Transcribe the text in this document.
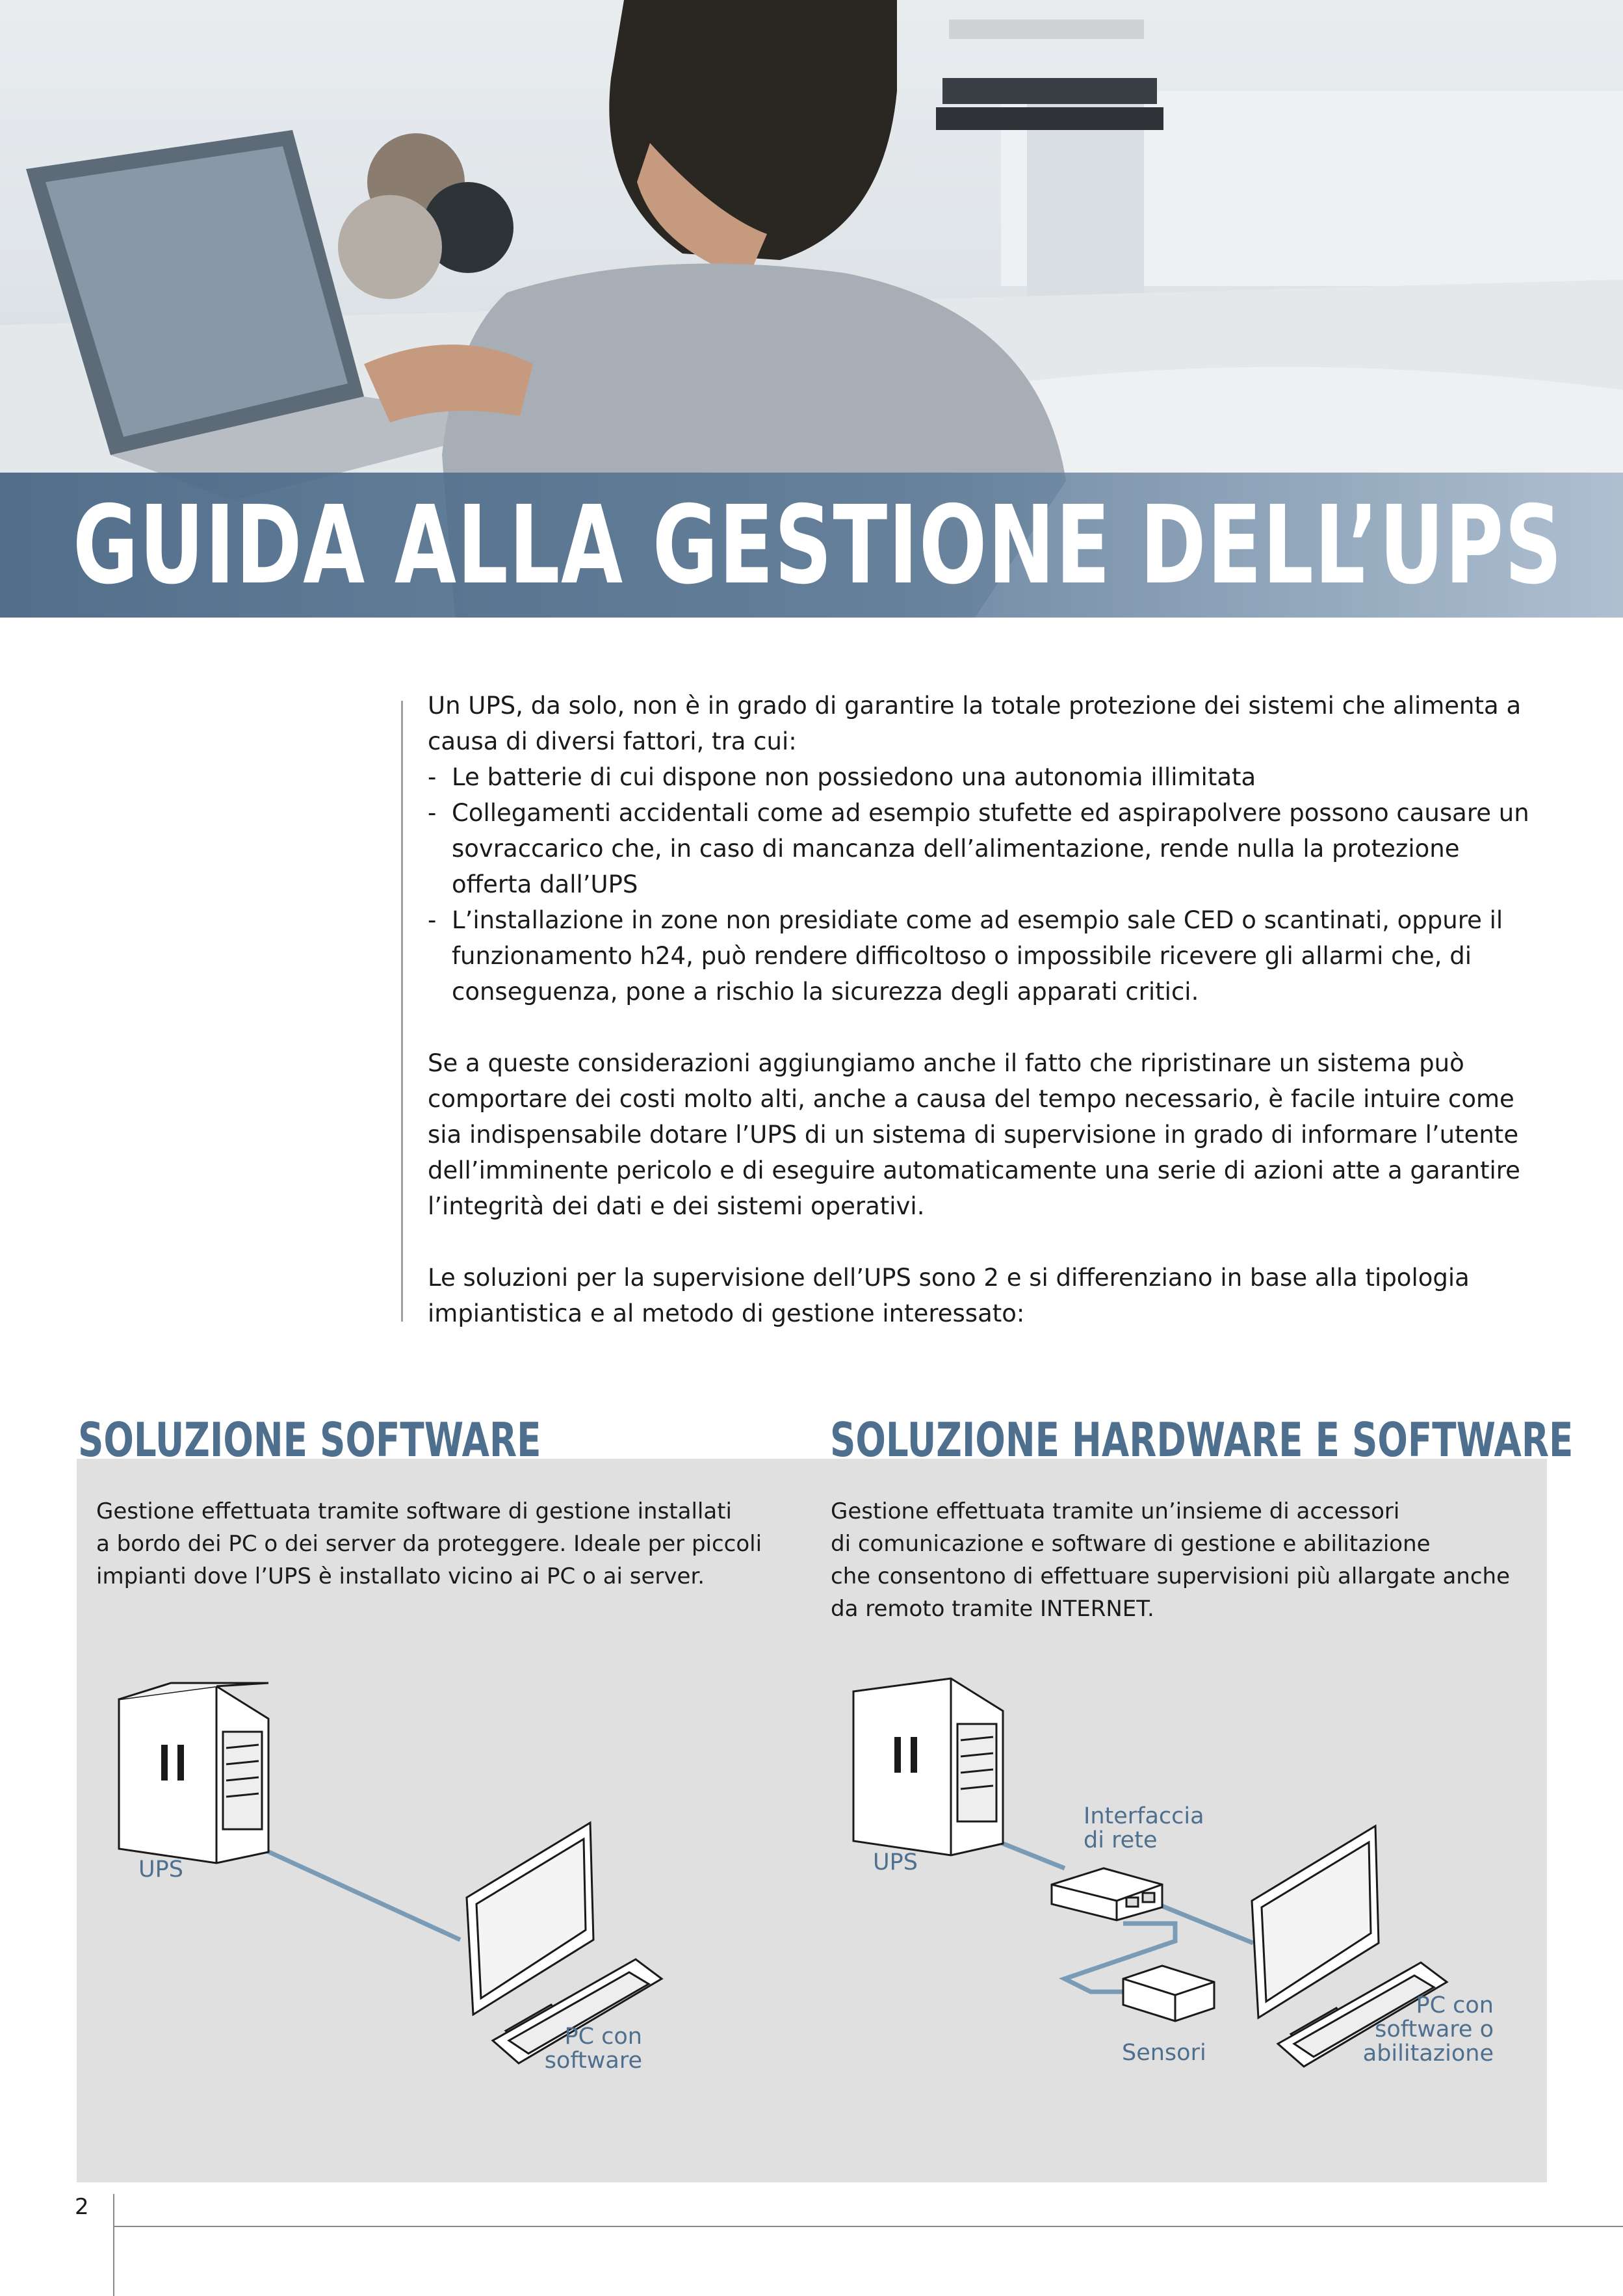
GUIDA ALLA GESTIONE DELL’UPS
Un UPS, da solo, non è in grado di garantire la totale protezione dei sistemi che alimenta a causa di diversi fattori, tra cui:
- Le batterie di cui dispone non possiedono una autonomia illimitata
- Collegamenti accidentali come ad esempio stufette ed aspirapolvere possono causare un sovraccarico che, in caso di mancanza dell’alimentazione, rende nulla la protezione offerta dall’UPS
- L’installazione in zone non presidiate come ad esempio sale CED o scantinati, oppure il funzionamento h24, può rendere difficoltoso o impossibile ricevere gli allarmi che, di conseguenza, pone a rischio la sicurezza degli apparati critici.

Se a queste considerazioni aggiungiamo anche il fatto che ripristinare un sistema può comportare dei costi molto alti, anche a causa del tempo necessario, è facile intuire come sia indispensabile dotare l’UPS di un sistema di supervisione in grado di informare l’utente dell’imminente pericolo e di eseguire automaticamente una serie di azioni atte a garantire l’integrità dei dati e dei sistemi operativi.

Le soluzioni per la supervisione dell’UPS sono 2 e si differenziano in base alla tipologia impiantistica e al metodo di gestione interessato:

SOLUZIONE SOFTWARE	SOLUZIONE HARDWARE E SOFTWARE
Gestione effettuata tramite software di gestione installati
a bordo dei PC o dei server da proteggere. Ideale per piccoli
impianti dove l’UPS è installato vicino ai PC o ai server.
Gestione effettuata tramite un’insieme di accessori
di comunicazione e software di gestione e abilitazione
che consentono di effettuare supervisioni più allargate anche
da remoto tramite INTERNET.
UPS
PC con
software
UPS
Interfaccia
di rete
Sensori
PC con
software o
abilitazione
2
